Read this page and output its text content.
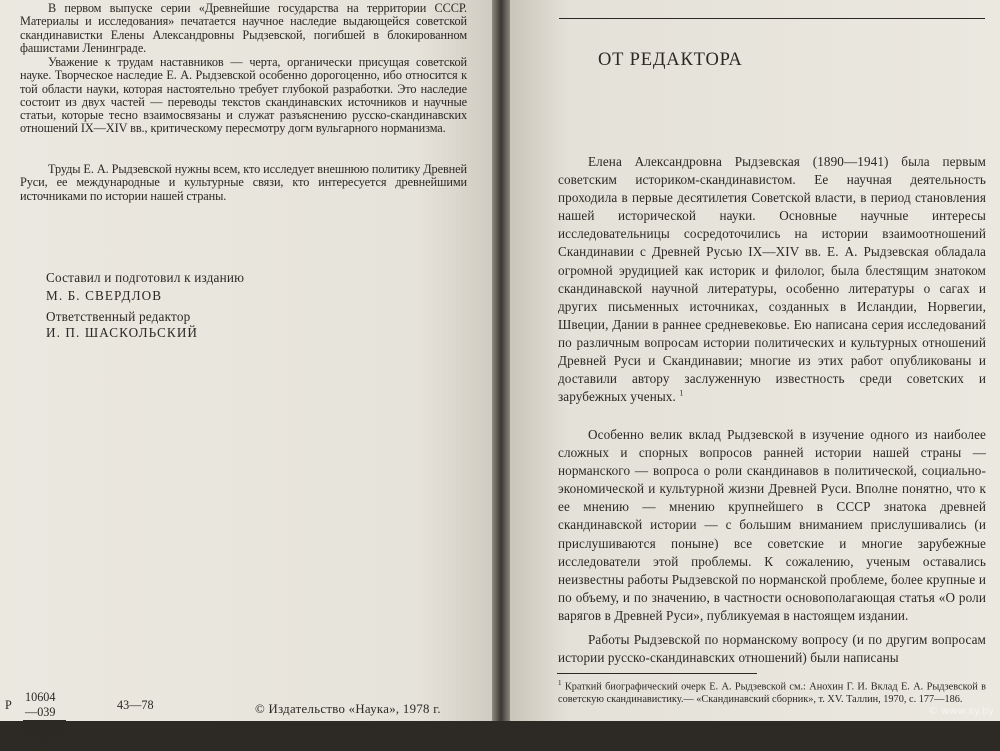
В первом выпуске серии «Древнейшие государства на территории СССР. Материалы и исследования» печатается научное наследие выдающейся советской скандинавистки Елены Александровны Рыдзевской, погибшей в блокированном фашистами Ленинграде.

Уважение к трудам наставников — черта, органически присущая советской науке. Творческое наследие Е. А. Рыдзевской особенно дорогоценно, ибо относится к той области науки, которая настоятельно требует глубокой разработки. Это наследие состоит из двух частей — переводы текстов скандинавских источников и научные статьи, которые тесно взаимосвязаны и служат разъяснению русско-скандинавских отношений IX—XIV вв., критическому пересмотру догм вульгарного норманизма.

Труды Е. А. Рыдзевской нужны всем, кто исследует внешнюю политику Древней Руси, ее международные и культурные связи, кто интересуется древнейшими источниками по истории нашей страны.

Составил и подготовил к изданию

М. Б. СВЕРДЛОВ

Ответственный редактор

И. П. ШАСКОЛЬСКИЙ

Р $\frac{10604—039}{042(02)—78}$	43—78	© Издательство «Наука», 1978 г.
ОТ РЕДАКТОРА

Елена Александровна Рыдзевская (1890—1941) была первым советским историком-скандинавистом. Ее научная деятельность проходила в первые десятилетия Советской власти, в период становления нашей исторической науки. Основные научные интересы исследовательницы сосредоточились на истории взаимоотношений Скандинавии с Древней Русью IX—XIV вв. Е. А. Рыдзевская обладала огромной эрудицией как историк и филолог, была блестящим знатоком скандинавской научной литературы, особенно литературы о сагах и других письменных источниках, созданных в Исландии, Норвегии, Швеции, Дании в раннее средневековье. Ею написана серия исследований по различным вопросам истории политических и культурных отношений Древней Руси и Скандинавии; многие из этих работ опубликованы и доставили автору заслуженную известность среди советских и зарубежных ученых. $^1$

Особенно велик вклад Рыдзевской в изучение одного из наиболее сложных и спорных вопросов ранней истории нашей страны — норманского — вопроса о роли скандинавов в политической, социально-экономической и культурной жизни Древней Руси. Вполне понятно, что к ее мнению — мнению крупнейшего в СССР знатока древней скандинавской истории — с большим вниманием прислушивались (и прислушиваются поныне) все советские и многие зарубежные исследователи этой проблемы. К сожалению, ученым оставались неизвестны работы Рыдзевской по норманской проблеме, более крупные и по объему, и по значению, в частности основополагающая статья «О роли варягов в Древней Руси», публикуемая в настоящем издании.

Работы Рыдзевской по норманскому вопросу (и по другим вопросам истории русско-скандинавских отношений) были написаны

$^1$ Краткий биографический очерк Е. А. Рыдзевской см.: Анохин Г. И. Вклад Е. А. Рыдзевской в советскую скандинавистику.— «Скандинавский сборник», т. XV. Таллин, 1970, с. 177—186.

© www.ay.by
